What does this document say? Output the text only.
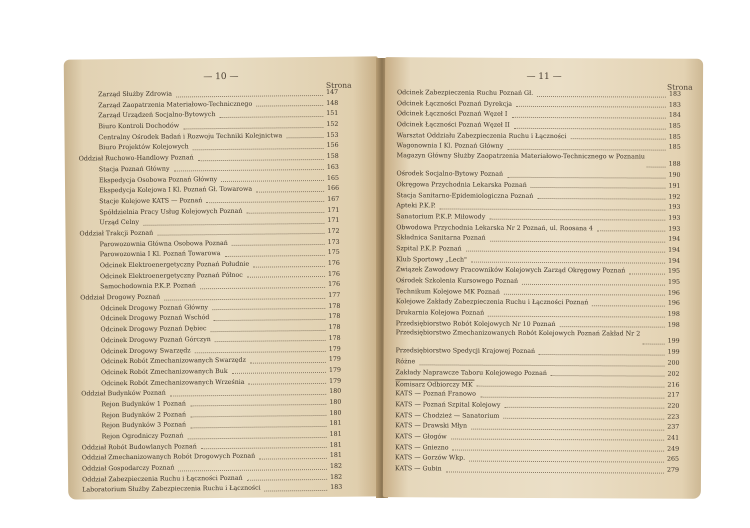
— 10 —
Strona
Zarząd Służby Zdrowia	147
Zarząd Zaopatrzenia Materiałowo-Technicznego	148
Zarząd Urządzeń Socjalno-Bytowych	151
Biuro Kontroli Dochodów	152
Centralny Ośrodek Badań i Rozwoju Techniki Kolejnictwa	153
Biuro Projektów Kolejowych	156
Oddział Ruchowo-Handlowy Poznań	158
Stacja Poznań Główny	163
Ekspedycja Osobowa Poznań Główny	165
Ekspedycja Kolejowa I Kl. Poznań Gł. Towarowa	166
Stacje Kolejowe KATS — Poznań	167
Spółdzielnia Pracy Usług Kolejowych Poznań	171
Urząd Celny	171
Oddział Trakcji Poznań	172
Parowozownia Główna Osobowa Poznań	173
Parowozownia I Kl. Poznań Towarowa	175
Odcinek Elektroenergetyczny Poznań Południe	176
Odcinek Elektroenergetyczny Poznań Północ	176
Samochodownia P.K.P. Poznań	176
Oddział Drogowy Poznań	177
Odcinek Drogowy Poznań Główny	178
Odcinek Drogowy Poznań Wschód	178
Odcinek Drogowy Poznań Dębiec	178
Odcinek Drogowy Poznań Górczyn	178
Odcinek Drogowy Swarzędz	179
Odcinek Robót Zmechanizowanych Swarzędz	179
Odcinek Robót Zmechanizowanych Buk	179
Odcinek Robót Zmechanizowanych Września	179
Oddział Budynków Poznań	180
Rejon Budynków 1 Poznań	180
Rejon Budynków 2 Poznań	180
Rejon Budynków 3 Poznań	181
Rejon Ogrodniczy Poznań	181
Oddział Robót Budowlanych Poznań	181
Oddział Zmechanizowanych Robót Drogowych Poznań	181
Oddział Gospodarczy Poznań	182
Oddział Zabezpieczenia Ruchu i Łączności Poznań	182
Laboratorium Służby Zabezpieczenia Ruchu i Łączności	183
— 11 —
Strona
Odcinek Zabezpieczenia Ruchu Poznań Gł.	183
Odcinek Łączności Poznań Dyrekcja	183
Odcinek Łączności Poznań Węzeł I	184
Odcinek Łączności Poznań Węzeł II	185
Warsztat Oddziału Zabezpieczenia Ruchu i Łączności	185
Wagonownia I Kl. Poznań Główny	185
Magazyn Główny Służby Zaopatrzenia Materiałowo-Technicznego w Poznaniu
188
Ośrodek Socjalno-Bytowy Poznań	190
Okręgowa Przychodnia Lekarska Poznań	191
Stacja Sanitarno-Epidemiologiczna Poznań	192
Apteki P.K.P.	193
Sanatorium P.K.P. Miłowody	193
Obwodowa Przychodnia Lekarska Nr 2 Poznań, ul. Roosana 4	193
Składnica Sanitarna Poznań	194
Szpital P.K.P. Poznań	194
Klub Sportowy „Lech"	194
Związek Zawodowy Pracowników Kolejowych Zarząd Okręgowy Poznań	195
Ośrodek Szkolenia Kursowego Poznań	195
Technikum Kolejowe MK Poznań	196
Kolejowe Zakłady Zabezpieczenia Ruchu i Łączności Poznań	196
Drukarnia Kolejowa Poznań	198
Przedsiębiorstwo Robót Kolejowych Nr 10 Poznań	198
Przedsiębiorstwo Zmechanizowanych Robót Kolejowych Poznań Zakład Nr 2
199
Przedsiębiorstwo Spedycji Krajowej Poznań	199
Różne	200
Zakłady Naprawcze Taboru Kolejowego Poznań	202
Komisarz Odbiorczy MK	216
KATS — Poznań Franowo	217
KATS — Poznań Szpital Kolejowy	220
KATS — Chodzież — Sanatorium	223
KATS — Drawski Młyn	237
KATS — Głogów	241
KATS — Gniezno	249
KATS — Gorzów Wkp.	265
KATS — Gubin	279
